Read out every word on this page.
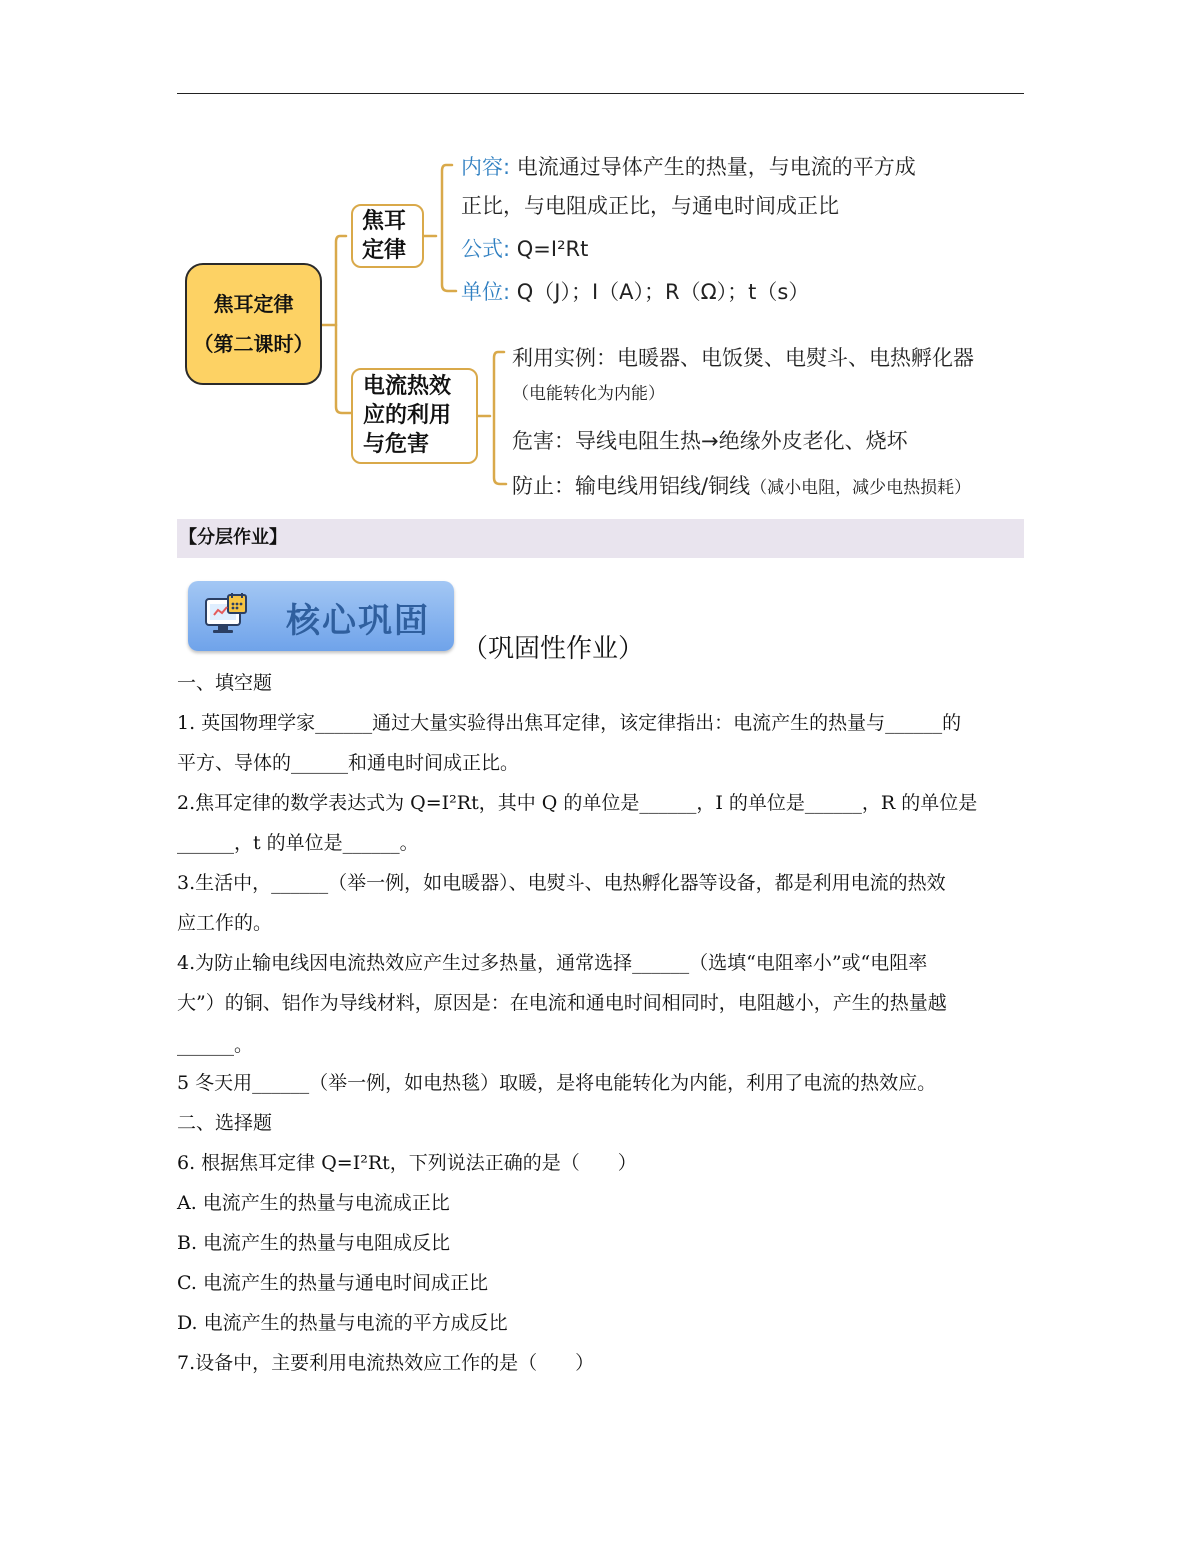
焦耳定律
（第二课时）
焦耳
定律
电流热效
应的利用
与危害
内容: 电流通过导体产生的热量，与电流的平方成
正比，与电阻成正比，与通电时间成正比
公式: Q=I²Rt
单位: Q（J）；I（A）；R（Ω）；t（s）
利用实例：电暖器、电饭煲、电熨斗、电热孵化器
（电能转化为内能）
危害：导线电阻生热→绝缘外皮老化、烧坏
防止：输电线用铝线/铜线（减小电阻，减少电热损耗）
【分层作业】
核心巩固
（巩固性作业）
一、填空题
1. 英国物理学家______通过大量实验得出焦耳定律，该定律指出：电流产生的热量与______的
平方、导体的______和通电时间成正比。
2.焦耳定律的数学表达式为 Q=I²Rt，其中 Q 的单位是______，I 的单位是______，R 的单位是
______，t 的单位是______。
3.生活中，______（举一例，如电暖器）、电熨斗、电热孵化器等设备，都是利用电流的热效
应工作的。
4.为防止输电线因电流热效应产生过多热量，通常选择______（选填“电阻率小”或“电阻率
大”）的铜、铝作为导线材料，原因是：在电流和通电时间相同时，电阻越小，产生的热量越
______。
5 冬天用______（举一例，如电热毯）取暖，是将电能转化为内能，利用了电流的热效应。
二、选择题
6. 根据焦耳定律 Q=I²Rt，下列说法正确的是（　　）
A. 电流产生的热量与电流成正比
B. 电流产生的热量与电阻成反比
C. 电流产生的热量与通电时间成正比
D. 电流产生的热量与电流的平方成反比
7.设备中，主要利用电流热效应工作的是（　　）
